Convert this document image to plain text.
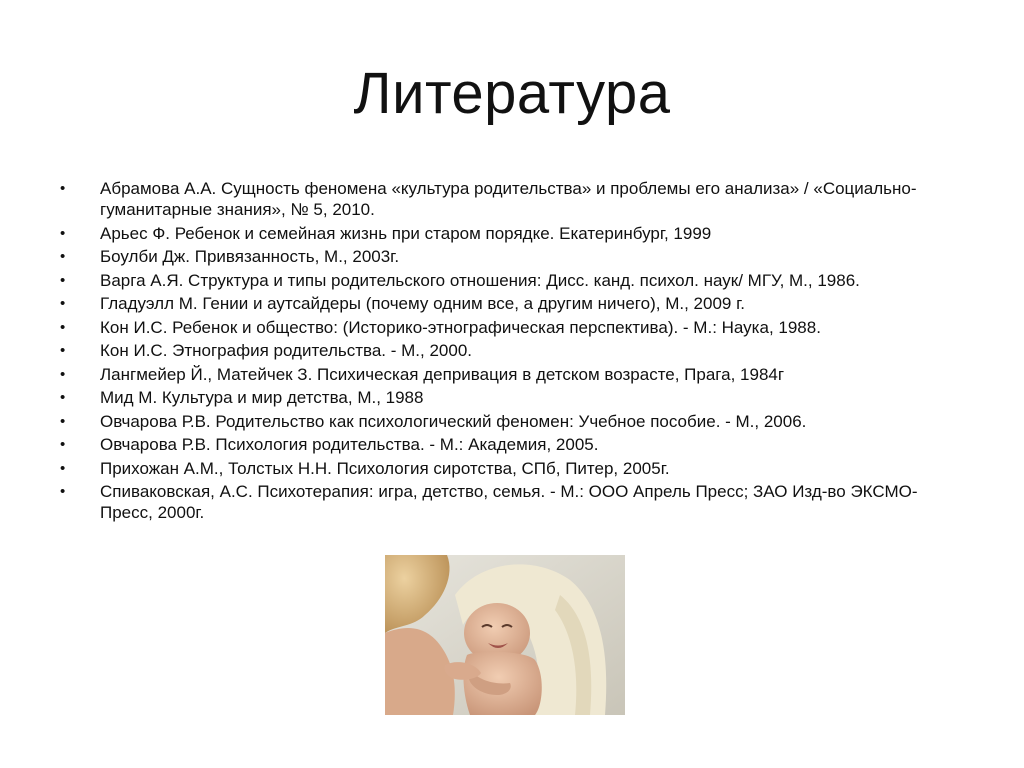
Литература
• Абрамова А.А. Сущность феномена «культура родительства» и проблемы его анализа» / «Социально-гуманитарные знания», № 5, 2010.
• Арьес Ф. Ребенок и семейная жизнь при старом порядке. Екатеринбург, 1999
• Боулби Дж. Привязанность, М., 2003г.
• Варга А.Я. Структура и типы родительского отношения: Дисс. канд. психол. наук/ МГУ, М., 1986.
• Гладуэлл М. Гении и аутсайдеры (почему одним все, а другим ничего), М., 2009 г.
• Кон И.С. Ребенок и общество: (Историко-этнографическая перспектива). - М.: Наука, 1988.
• Кон И.С. Этнография родительства. - М., 2000.
• Лангмейер Й., Матейчек З. Психическая депривация в детском возрасте, Прага, 1984г
• Мид М. Культура и мир детства, М., 1988
• Овчарова Р.В. Родительство как психологический феномен: Учебное пособие. - М., 2006.
• Овчарова Р.В. Психология родительства. - М.: Академия, 2005.
• Прихожан А.М., Толстых Н.Н. Психология сиротства, СПб, Питер, 2005г.
• Спиваковская, А.С. Психотерапия: игра, детство, семья. - М.: ООО Апрель Пресс; ЗАО Изд-во ЭКСМО-Пресс, 2000г.
